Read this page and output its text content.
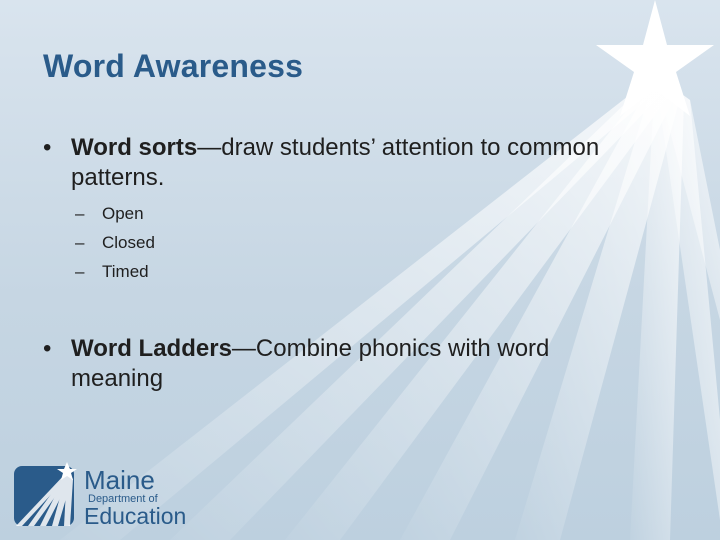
Word Awareness
• Word sorts—draw students’ attention to common patterns.
– Open
– Closed
– Timed
• Word Ladders—Combine phonics with word meaning
Maine
Department of
Education
